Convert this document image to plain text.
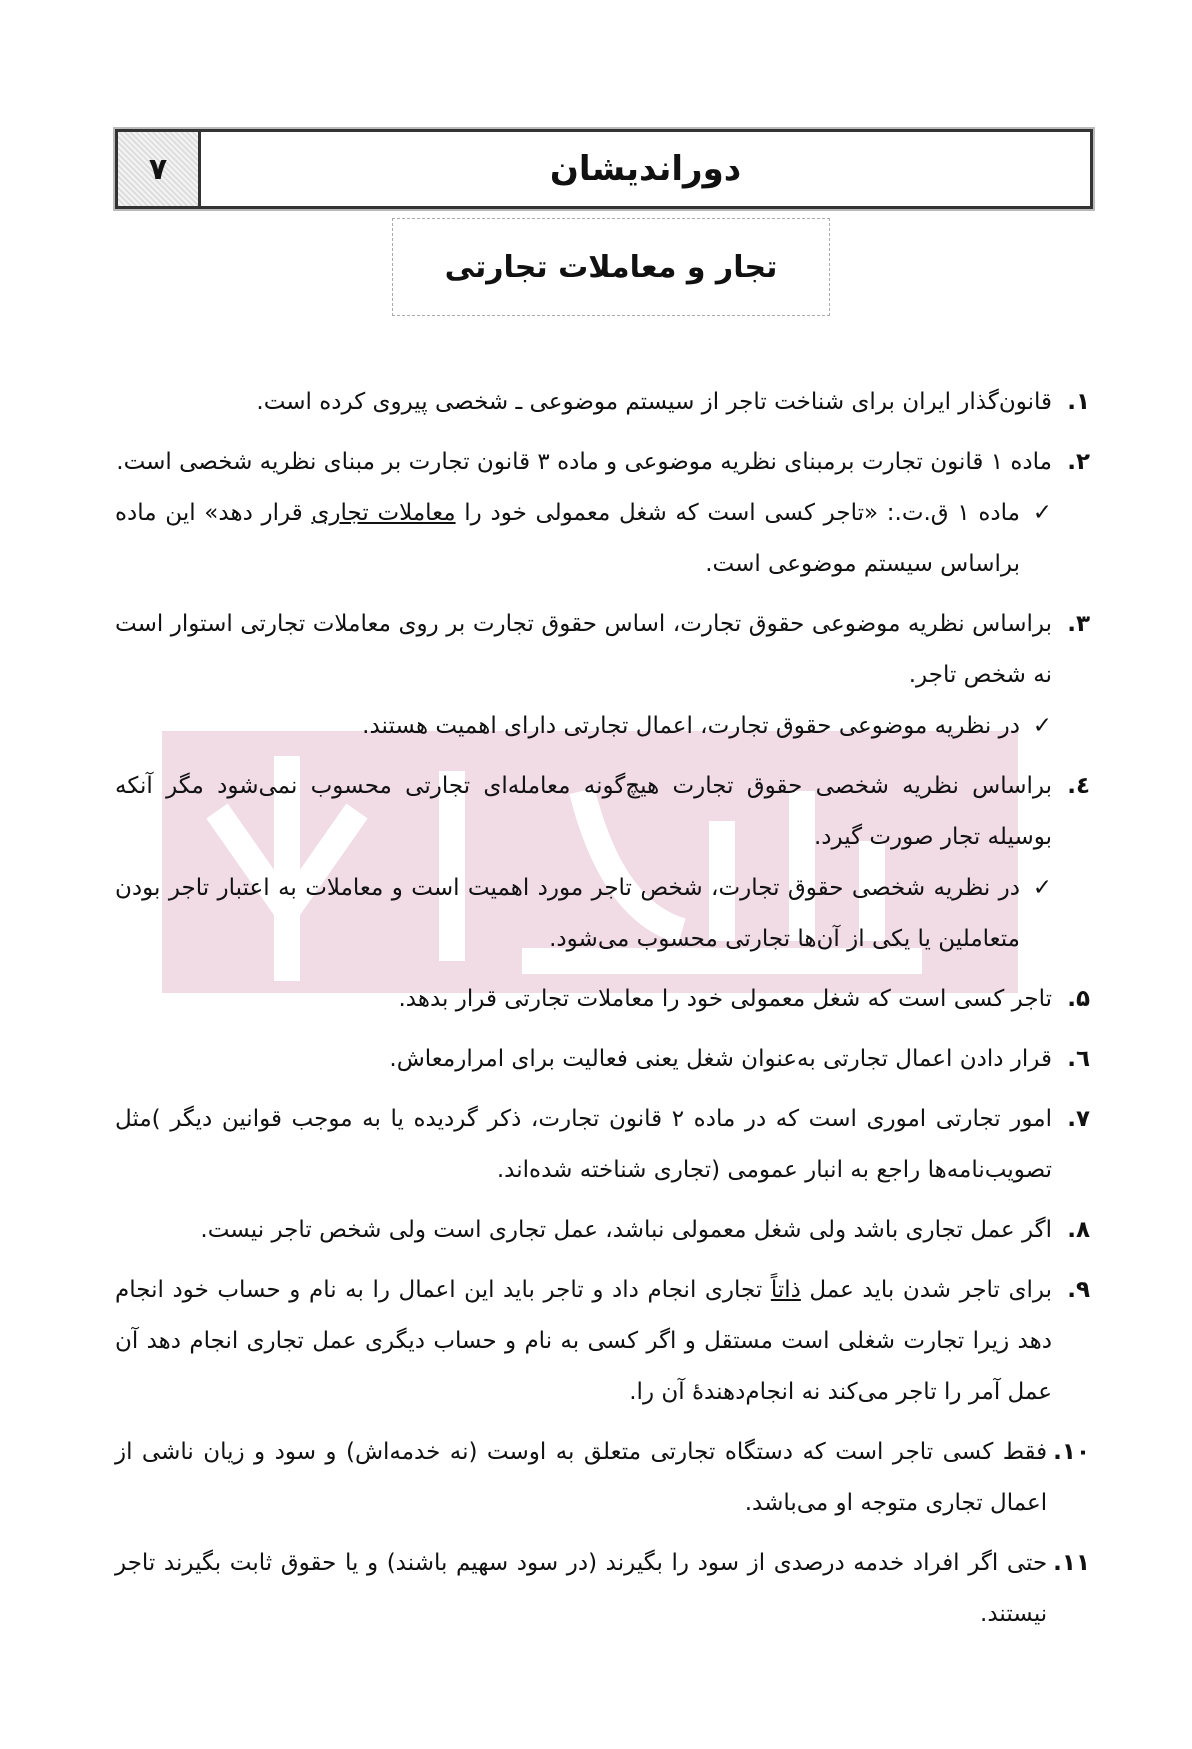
۷	دوراندیشان
تجار و معاملات تجارتی
۱.
قانون‌گذار ایران برای شناخت تاجر از سیستم موضوعی ـ شخصی پیروی کرده است.
۲.
ماده ۱ قانون تجارت برمبنای نظریه موضوعی و ماده ۳ قانون تجارت بر مبنای نظریه شخصی است.
✓
ماده ۱ ق.ت.: «تاجر کسی است که شغل معمولی خود را معاملات تجاری قرار دهد» این ماده براساس سیستم موضوعی است.
۳.
براساس نظریه موضوعی حقوق تجارت، اساس حقوق تجارت بر روی معاملات تجارتی استوار است نه شخص تاجر.
✓
در نظریه موضوعی حقوق تجارت، اعمال تجارتی دارای اهمیت هستند.
٤.
براساس نظریه شخصی حقوق تجارت هیچ‌گونه معامله‌ای تجارتی محسوب نمی‌شود مگر آنکه بوسیله تجار صورت گیرد.
✓
در نظریه شخصی حقوق تجارت، شخص تاجر مورد اهمیت است و معاملات به اعتبار تاجر بودن متعاملین یا یکی از آن‌ها تجارتی محسوب می‌شود.
۵.
تاجر کسی است که شغل معمولی خود را معاملات تجارتی قرار بدهد.
٦.
قرار دادن اعمال تجارتی به‌عنوان شغل یعنی فعالیت برای امرارمعاش.
۷.
امور تجارتی اموری است که در ماده ۲ قانون تجارت، ذکر گردیده یا به موجب قوانین دیگر )مثل تصویب‌نامه‌ها راجع به انبار عمومی (تجاری شناخته شده‌اند.
۸.
اگر عمل تجاری باشد ولی شغل معمولی نباشد، عمل تجاری است ولی شخص تاجر نیست.
۹.
برای تاجر شدن باید عمل ذاتاً تجاری انجام داد و تاجر باید این اعمال را به نام و حساب خود انجام دهد زیرا تجارت شغلی است مستقل و اگر کسی به نام و حساب دیگری عمل تجاری انجام دهد آن عمل آمر را تاجر می‌کند نه انجام‌دهندهٔ آن را.
۱۰.
فقط کسی تاجر است که دستگاه تجارتی متعلق به اوست (نه خدمه‌اش) و سود و زیان ناشی از اعمال تجاری متوجه او می‌باشد.
۱۱.
حتی اگر افراد خدمه درصدی از سود را بگیرند (در سود سهیم باشند) و یا حقوق ثابت بگیرند تاجر نیستند.
